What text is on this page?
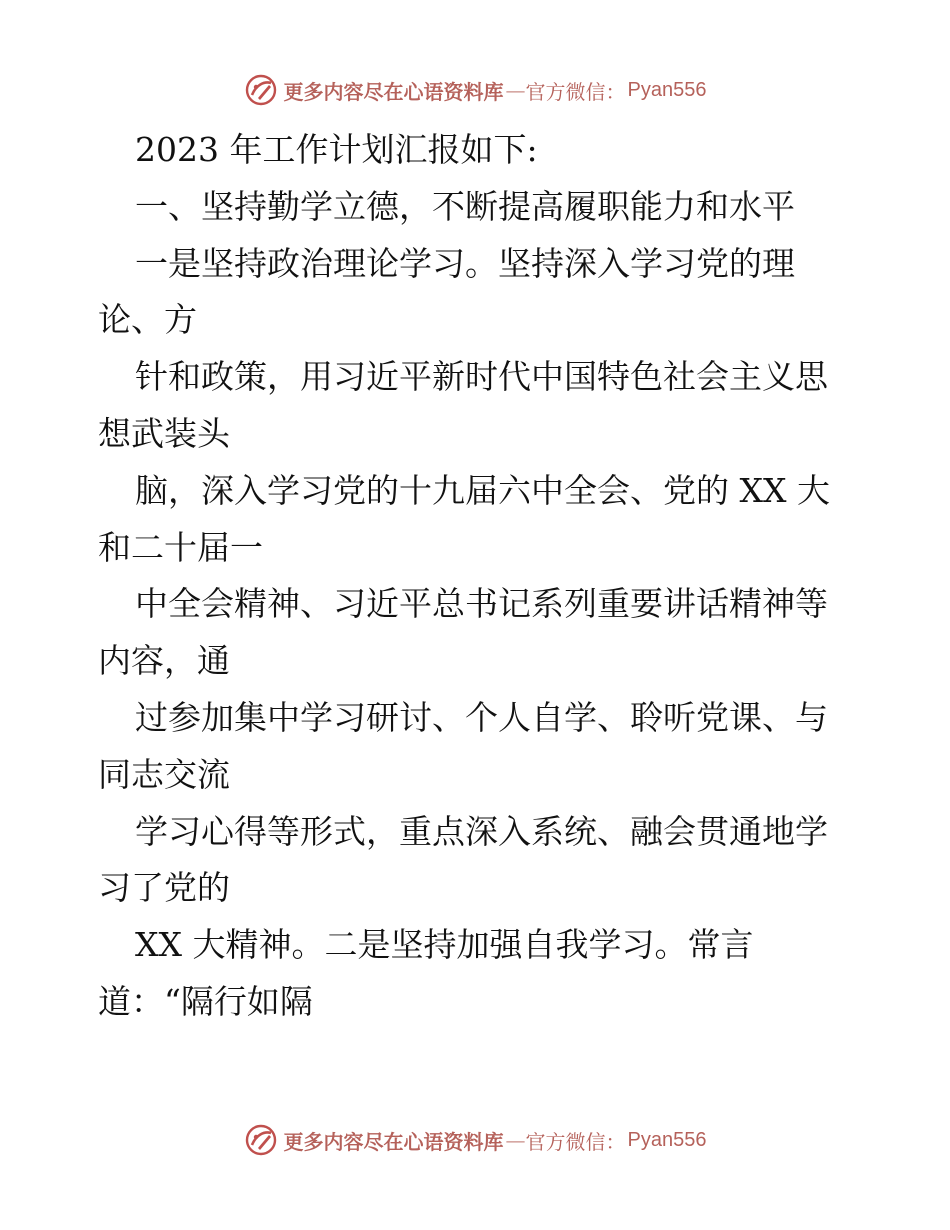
更多内容尽在心语资料库 — 官方微信： Pyan556
2023 年工作计划汇报如下:
一、坚持勤学立德，不断提高履职能力和水平
一是坚持政治理论学习。坚持深入学习党的理
论、方
针和政策，用习近平新时代中国特色社会主义思
想武装头
脑，深入学习党的十九届六中全会、党的 XX 大
和二十届一
中全会精神、习近平总书记系列重要讲话精神等
内容，通
过参加集中学习研讨、个人自学、聆听党课、与
同志交流
学习心得等形式，重点深入系统、融会贯通地学
习了党的
XX 大精神。二是坚持加强自我学习。常言
道：“隔行如隔
更多内容尽在心语资料库 — 官方微信： Pyan556
